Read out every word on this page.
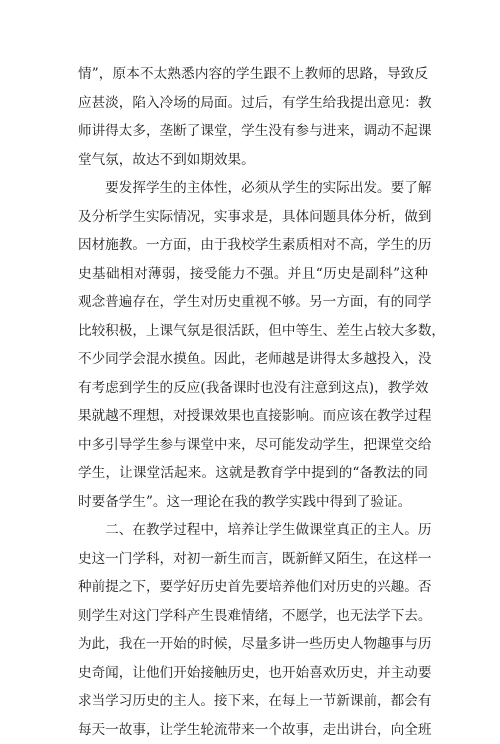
情”，原本不太熟悉内容的学生跟不上教师的思路，导致反
应甚淡，陷入冷场的局面。过后，有学生给我提出意见：教
师讲得太多，垄断了课堂，学生没有参与进来，调动不起课
堂气氛，故达不到如期效果。
　　要发挥学生的主体性，必须从学生的实际出发。要了解
及分析学生实际情况，实事求是，具体问题具体分析，做到
因材施教。一方面，由于我校学生素质相对不高，学生的历
史基础相对薄弱，接受能力不强。并且“历史是副科”这种
观念普遍存在，学生对历史重视不够。另一方面，有的同学
比较积极，上课气氛是很活跃，但中等生、差生占较大多数，
不少同学会混水摸鱼。因此，老师越是讲得太多越投入，没
有考虑到学生的反应(我备课时也没有注意到这点)，教学效
果就越不理想，对授课效果也直接影响。而应该在教学过程
中多引导学生参与课堂中来，尽可能发动学生，把课堂交给
学生，让课堂活起来。这就是教育学中提到的“备教法的同
时要备学生”。这一理论在我的教学实践中得到了验证。
　　二、在教学过程中，培养让学生做课堂真正的主人。历
史这一门学科，对初一新生而言，既新鲜又陌生，在这样一
种前提之下，要学好历史首先要培养他们对历史的兴趣。否
则学生对这门学科产生畏难情绪，不愿学，也无法学下去。
为此，我在一开始的时候，尽量多讲一些历史人物趣事与历
史奇闻，让他们开始接触历史，也开始喜欢历史，并主动要
求当学习历史的主人。接下来，在每上一节新课前，都会有
每天一故事，让学生轮流带来一个故事，走出讲台，向全班
